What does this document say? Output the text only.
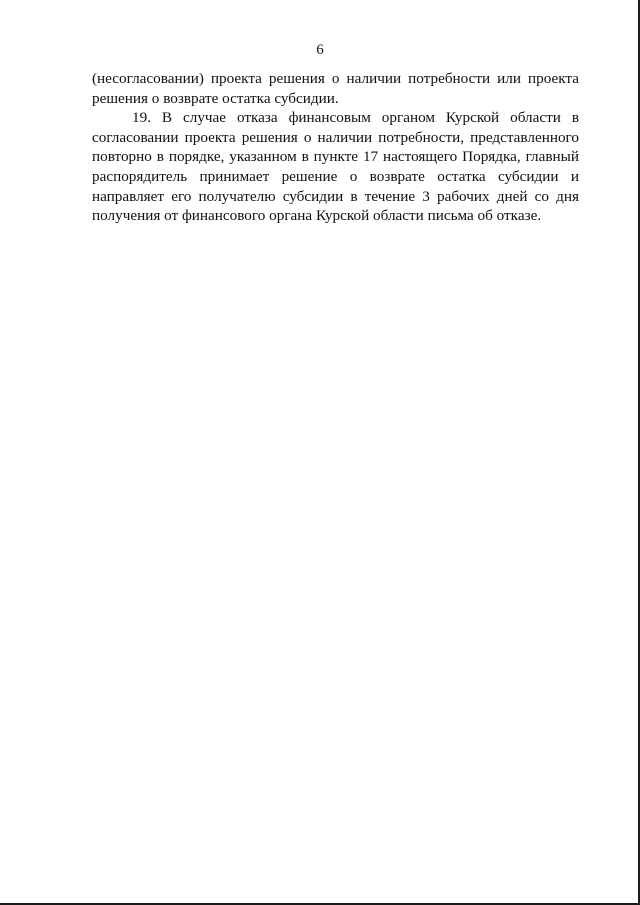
6

(несогласовании) проекта решения о наличии потребности или проекта решения о возврате остатка субсидии.

19. В случае отказа финансовым органом Курской области в согласовании проекта решения о наличии потребности, представленного повторно в порядке, указанном в пункте 17 настоящего Порядка, главный распорядитель принимает решение о возврате остатка субсидии и направляет его получателю субсидии в течение 3 рабочих дней со дня получения от финансового органа Курской области письма об отказе.
